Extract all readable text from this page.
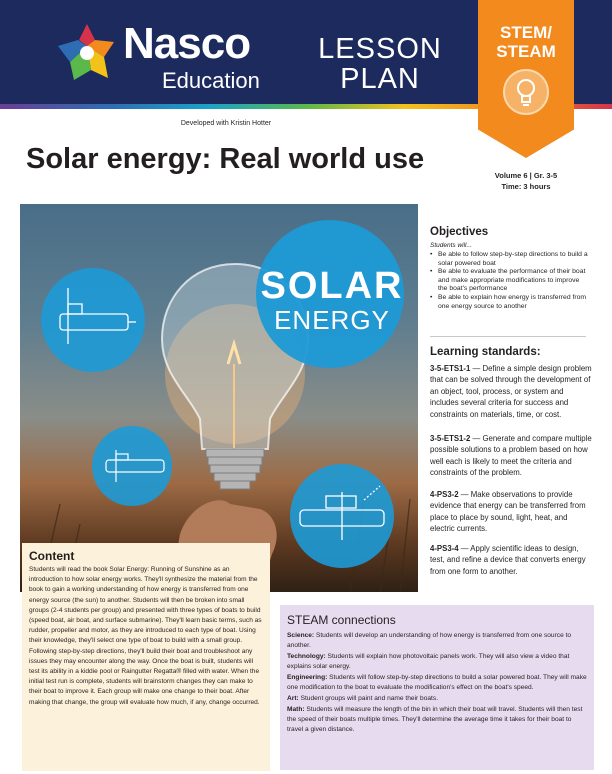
Nasco
Education
LESSON
PLAN
STEM/
STEAM
Developed with Kristin Hotter
Solar energy: Real world use
Volume 6 | Gr. 3-5
Time: 3 hours
SOLAR
ENERGY
Objectives
Students will...
• Be able to follow step-by-step directions to build a solar powered boat
• Be able to evaluate the performance of their boat and make appropriate modifications to improve the boat's performance
• Be able to explain how energy is transferred from one energy source to another
Learning standards:
3-5-ETS1-1 — Define a simple design problem that can be solved through the development of an object, tool, process, or system and includes several criteria for success and constraints on materials, time, or cost.
3-5-ETS1-2 — Generate and compare multiple possible solutions to a problem based on how well each is likely to meet the criteria and constraints of the problem.
4-PS3-2 — Make observations to provide evidence that energy can be transferred from place to place by sound, light, heat, and electric currents.
4-PS3-4 — Apply scientific ideas to design, test, and refine a device that converts energy from one form to another.
Content
Students will read the book Solar Energy: Running of Sunshine as an introduction to how solar energy works. They'll synthesize the material from the book to gain a working understanding of how energy is transferred from one energy source (the sun) to another. Students will then be broken into small groups (2-4 students per group) and presented with three types of boats to build (speed boat, air boat, and surface submarine). They'll learn basic terms, such as rudder, propeller and motor, as they are introduced to each type of boat. Using their knowledge, they'll select one type of boat to build with a small group. Following step-by-step directions, they'll build their boat and troubleshoot any issues they may encounter along the way. Once the boat is built, students will test its ability in a kiddie pool or Raingutter Regatta® filled with water. When the initial test run is complete, students will brainstorm changes they can make to their boat to improve it. Each group will make one change to their boat. After making that change, the group will evaluate how much, if any, change occurred.
STEAM connections
Science: Students will develop an understanding of how energy is transferred from one source to another.
Technology: Students will explain how photovoltaic panels work. They will also view a video that explains solar energy.
Engineering: Students will follow step-by-step directions to build a solar powered boat. They will make one modification to the boat to evaluate the modification's effect on the boat's speed.
Art: Student groups will paint and name their boats.
Math: Students will measure the length of the bin in which their boat will travel. Students will then test the speed of their boats multiple times. They'll determine the average time it takes for their boat to travel a given distance.
